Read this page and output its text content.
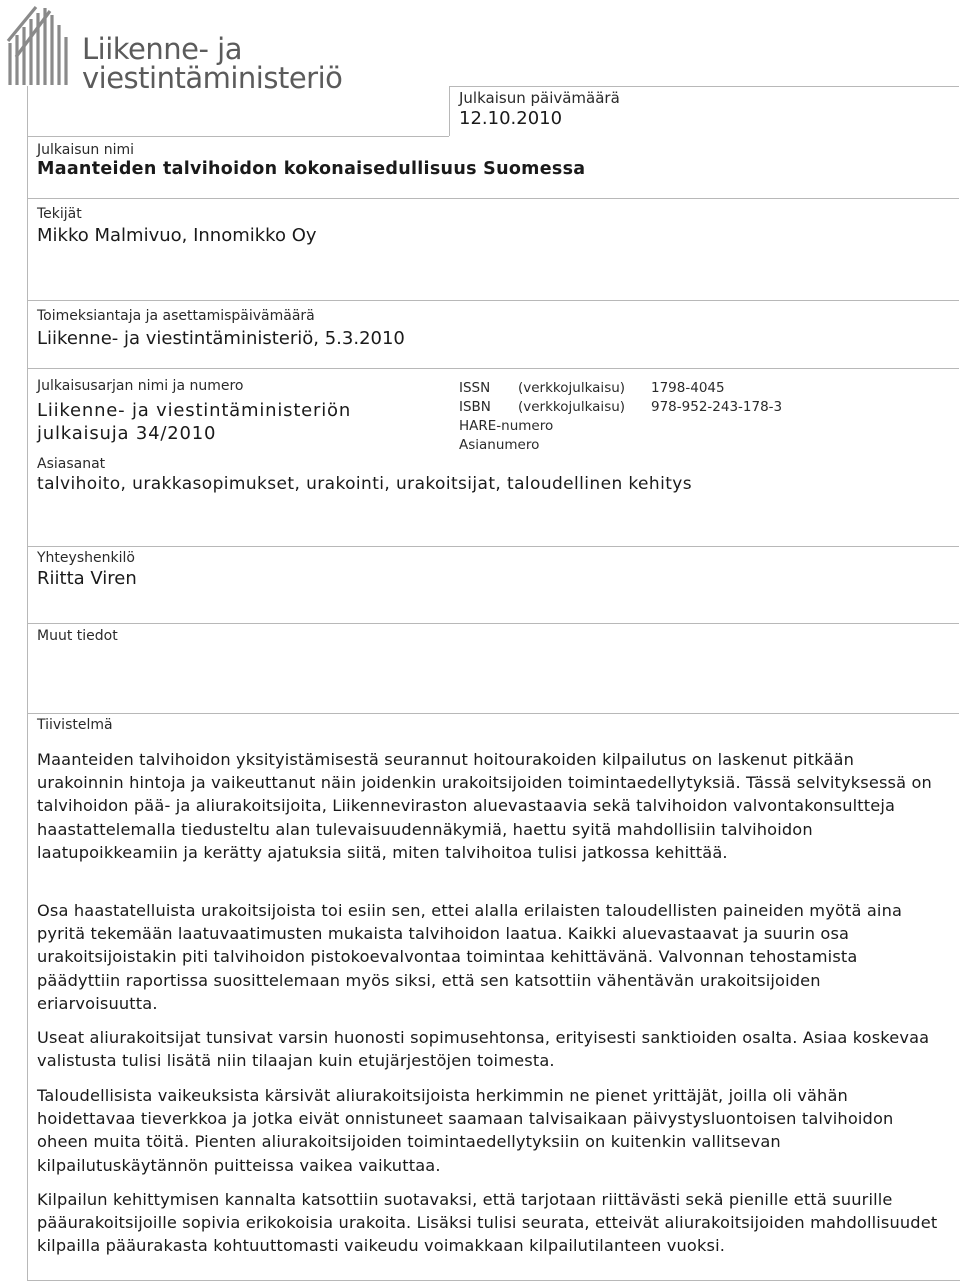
Liikenne- ja
viestintäministeriö
Julkaisun päivämäärä
12.10.2010
Julkaisun nimi
Maanteiden talvihoidon kokonaisedullisuus Suomessa
Tekijät
Mikko Malmivuo, Innomikko Oy
Toimeksiantaja ja asettamispäivämäärä
Liikenne- ja viestintäministeriö, 5.3.2010
Julkaisusarjan nimi ja numero
Liikenne- ja viestintäministeriön
julkaisuja 34/2010
ISSN (verkkojulkaisu) 1798-4045
ISBN (verkkojulkaisu) 978-952-243-178-3
HARE-numero
Asianumero
Asiasanat
talvihoito, urakkasopimukset, urakointi, urakoitsijat, taloudellinen kehitys
Yhteyshenkilö
Riitta Viren
Muut tiedot
Tiivistelmä

Maanteiden talvihoidon yksityistämisestä seurannut hoitourakoiden kilpailutus on laskenut pitkään urakoinnin hintoja ja vaikeuttanut näin joidenkin urakoitsijoiden toimintaedellytyksiä. Tässä selvityksessä on talvihoidon pää- ja aliurakoitsijoita, Liikenneviraston aluevastaavia sekä talvihoidon valvontakonsultteja haastattelemalla tiedusteltu alan tulevaisuudennäkymiä, haettu syitä mahdollisiin talvihoidon laatupoikkeamiin ja kerätty ajatuksia siitä, miten talvihoitoa tulisi jatkossa kehittää.

Osa haastatelluista urakoitsijoista toi esiin sen, ettei alalla erilaisten taloudellisten paineiden myötä aina pyritä tekemään laatuvaatimusten mukaista talvihoidon laatua. Kaikki aluevastaavat ja suurin osa urakoitsijoistakin piti talvihoidon pistokoevalvontaa toimintaa kehittävänä. Valvonnan tehostamista päädyttiin raportissa suosittelemaan myös siksi, että sen katsottiin vähentävän urakoitsijoiden eriarvoisuutta.

Useat aliurakoitsijat tunsivat varsin huonosti sopimusehtonsa, erityisesti sanktioiden osalta. Asiaa koskevaa valistusta tulisi lisätä niin tilaajan kuin etujärjestöjen toimesta.

Taloudellisista vaikeuksista kärsivät aliurakoitsijoista herkimmin ne pienet yrittäjät, joilla oli vähän hoidettavaa tieverkkoa ja jotka eivät onnistuneet saamaan talvisaikaan päivystysluontoisen talvihoidon oheen muita töitä. Pienten aliurakoitsijoiden toimintaedellytyksiin on kuitenkin vallitsevan kilpailutuskäytännön puitteissa vaikea vaikuttaa.

Kilpailun kehittymisen kannalta katsottiin suotavaksi, että tarjotaan riittävästi sekä pienille että suurille pääurakoitsijoille sopivia erikokoisia urakoita. Lisäksi tulisi seurata, etteivät aliurakoitsijoiden mahdollisuudet kilpailla pääurakasta kohtuuttomasti vaikeudu voimakkaan kilpailutilanteen vuoksi.
